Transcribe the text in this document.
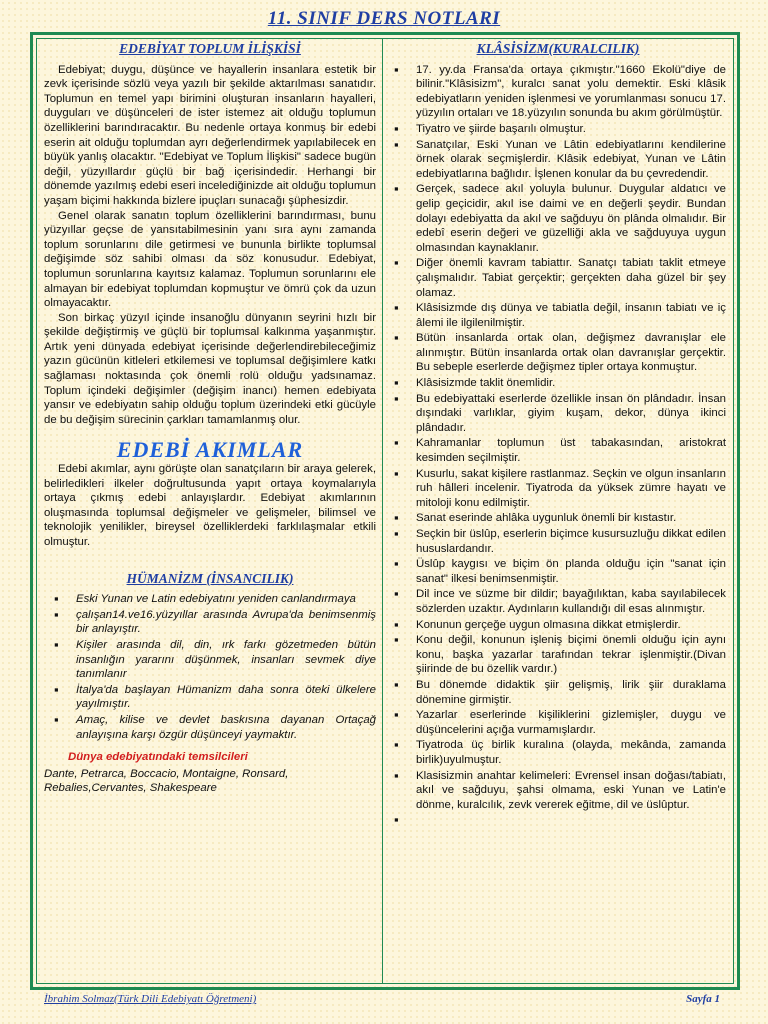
11. SINIF DERS NOTLARI
EDEBİYAT TOPLUM İLİŞKİSİ

Edebiyat; duygu, düşünce ve hayallerin insanlara estetik bir zevk içerisinde sözlü veya yazılı bir şekilde aktarılması sanatıdır. Toplumun en temel yapı birimini oluşturan insanların hayalleri, duyguları ve düşünceleri de ister istemez ait olduğu toplumun özelliklerini barındıracaktır. Bu nedenle ortaya konmuş bir edebi eserin ait olduğu toplumdan ayrı değerlendirmek yapılabilecek en büyük yanlış olacaktır. "Edebiyat ve Toplum İlişkisi" sadece bugün değil, yüzyıllardır güçlü bir bağ içerisindedir. Herhangi bir dönemde yazılmış edebi eseri incelediğinizde ait olduğu toplumun yaşam biçimi hakkında bizlere ipuçları sunacağı şüphesizdir.

Genel olarak sanatın toplum özelliklerini barındırması, bunu yüzyıllar geçse de yansıtabilmesinin yanı sıra aynı zamanda toplum sorunlarını dile getirmesi ve bununla birlikte toplumsal değişimde söz sahibi olması da söz konusudur. Edebiyat, toplumun sorunlarına kayıtsız kalamaz. Toplumun sorunlarını ele almayan bir edebiyat toplumdan kopmuştur ve ömrü çok da uzun olmayacaktır.

Son birkaç yüzyıl içinde insanoğlu dünyanın seyrini hızlı bir şekilde değiştirmiş ve güçlü bir toplumsal kalkınma yaşanmıştır. Artık yeni dünyada edebiyat içerisinde değerlendirebileceğimiz yazın gücünün kitleleri etkilemesi ve toplumsal değişimlere katkı sağlaması noktasında çok önemli rolü olduğu yadsınamaz. Toplum içindeki değişimler (değişim inancı) hemen edebiyata yansır ve edebiyatın sahip olduğu toplum üzerindeki etki gücüyle de bu değişim sürecinin çarkları tamamlanmış olur.

EDEBİ AKIMLAR

Edebi akımlar, aynı görüşte olan sanatçıların bir araya gelerek, belirledikleri ilkeler doğrultusunda yapıt ortaya koymalarıyla ortaya çıkmış edebi anlayışlardır. Edebiyat akımlarının oluşmasında toplumsal değişmeler ve gelişmeler, bilimsel ve teknolojik yenilikler, bireysel özelliklerdeki farklılaşmalar etkili olmuştur.

HÜMANİZM (İNSANCILIK)
▪ Eski Yunan ve Latin edebiyatını yeniden canlandırmaya
▪ çalışan14.ve16.yüzyıllar arasında Avrupa'da benimsenmiş bir anlayıştır.
▪ Kişiler arasında dil, din, ırk farkı gözetmeden bütün insanlığın yararını düşünmek, insanları sevmek diye tanımlanır
▪ İtalya'da başlayan Hümanizm daha sonra öteki ülkelere yayılmıştır.
▪ Amaç, kilise ve devlet baskısına dayanan Ortaçağ anlayışına karşı özgür düşünceyi yaymaktır.
Dünya edebiyatındaki temsilcileri
Dante, Petrarca, Boccacio, Montaigne, Ronsard, Rebalies,Cervantes, Shakespeare
KLÂSİSİZM(KURALCILIK)
▪ 17. yy.da Fransa'da ortaya çıkmıştır."1660 Ekolü"diye de bilinir."Klâsisizm", kuralcı sanat yolu demektir. Eski klâsik edebiyatların yeniden işlenmesi ve yorumlanması sonucu 17. yüzyılın ortaları ve 18.yüzyılın sonunda bu akım görülmüştür.
▪ Tiyatro ve şiirde başarılı olmuştur.
▪ Sanatçılar, Eski Yunan ve Lâtin edebiyatlarını kendilerine örnek olarak seçmişlerdir. Klâsik edebiyat, Yunan ve Lâtin edebiyatlarına bağlıdır. İşlenen konular da bu çevredendir.
▪ Gerçek, sadece akıl yoluyla bulunur. Duygular aldatıcı ve gelip geçicidir, akıl ise daimi ve en değerli şeydir. Bundan dolayı edebiyatta da akıl ve sağduyu ön plânda olmalıdır. Bir edebî eserin değeri ve güzelliği akla ve sağduyuya uygun olmasından kaynaklanır.
▪ Diğer önemli kavram tabiattır. Sanatçı tabiatı taklit etmeye çalışmalıdır. Tabiat gerçektir; gerçekten daha güzel bir şey olamaz.
▪ Klâsisizmde dış dünya ve tabiatla değil, insanın tabiatı ve iç âlemi ile ilgilenilmiştir.
▪ Bütün insanlarda ortak olan, değişmez davranışlar ele alınmıştır. Bütün insanlarda ortak olan davranışlar gerçektir. Bu sebeple eserlerde değişmez tipler ortaya konmuştur.
▪ Klâsisizmde taklit önemlidir.
▪ Bu edebiyattaki eserlerde özellikle insan ön plândadır. İnsan dışındaki varlıklar, giyim kuşam, dekor, dünya ikinci plândadır.
▪ Kahramanlar toplumun üst tabakasından, aristokrat kesimden seçilmiştir.
▪ Kusurlu, sakat kişilere rastlanmaz. Seçkin ve olgun insanların ruh hâlleri incelenir. Tiyatroda da yüksek zümre hayatı ve mitoloji konu edilmiştir.
▪ Sanat eserinde ahlâka uygunluk önemli bir kıstastır.
▪ Seçkin bir üslûp, eserlerin biçimce kusursuzluğu dikkat edilen hususlardandır.
▪ Üslûp kaygısı ve biçim ön planda olduğu için "sanat için sanat" ilkesi benimsenmiştir.
▪ Dil ince ve süzme bir dildir; bayağılıktan, kaba sayılabilecek sözlerden uzaktır. Aydınların kullandığı dil esas alınmıştır.
▪ Konunun gerçeğe uygun olmasına dikkat etmişlerdir.
▪ Konu değil, konunun işleniş biçimi önemli olduğu için aynı konu, başka yazarlar tarafından tekrar işlenmiştir.(Divan şiirinde de bu özellik vardır.)
▪ Bu dönemde didaktik şiir gelişmiş, lirik şiir duraklama dönemine girmiştir.
▪ Yazarlar eserlerinde kişiliklerini gizlemişler, duygu ve düşüncelerini açığa vurmamışlardır.
▪ Tiyatroda üç birlik kuralına (olayda, mekânda, zamanda birlik)uyulmuştur.
▪ Klasisizmin anahtar kelimeleri: Evrensel insan doğası/tabiatı, akıl ve sağduyu, şahsi olmama, eski Yunan ve Latin'e dönme, kuralcılık, zevk vererek eğitme, dil ve üslûptur.
İbrahim Solmaz(Türk Dili Edebiyatı Öğretmeni)	Sayfa 1
